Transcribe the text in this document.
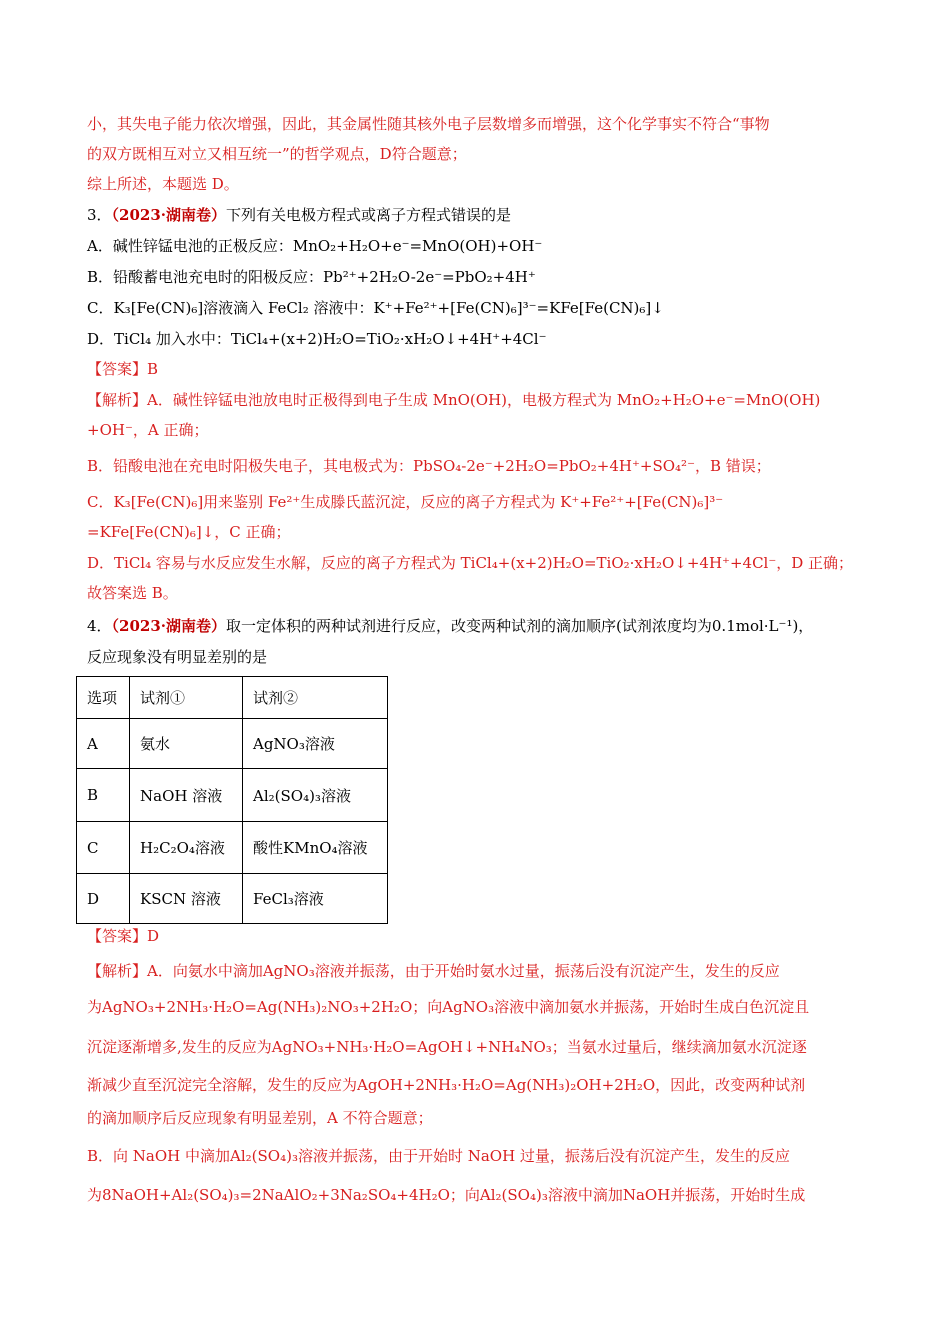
小，其失电子能力依次增强，因此，其金属性随其核外电子层数增多而增强，这个化学事实不符合“事物
的双方既相互对立又相互统一”的哲学观点，D符合题意；
综上所述，本题选 D。
3．（2023·湖南卷）下列有关电极方程式或离子方程式错误的是
A．碱性锌锰电池的正极反应：MnO₂+H₂O+e⁻=MnO(OH)+OH⁻
B．铅酸蓄电池充电时的阳极反应：Pb²⁺+2H₂O-2e⁻=PbO₂+4H⁺
C．K₃[Fe(CN)₆]溶液滴入 FeCl₂ 溶液中：K⁺+Fe²⁺+[Fe(CN)₆]³⁻=KFe[Fe(CN)₆]↓
D．TiCl₄ 加入水中：TiCl₄+(x+2)H₂O=TiO₂·xH₂O↓+4H⁺+4Cl⁻
【答案】B
【解析】A．碱性锌锰电池放电时正极得到电子生成 MnO(OH)，电极方程式为 MnO₂+H₂O+e⁻=MnO(OH)
+OH⁻，A 正确；
B．铅酸电池在充电时阳极失电子，其电极式为：PbSO₄-2e⁻+2H₂O=PbO₂+4H⁺+SO₄²⁻，B 错误；
C．K₃[Fe(CN)₆]用来鉴别 Fe²⁺生成滕氏蓝沉淀，反应的离子方程式为 K⁺+Fe²⁺+[Fe(CN)₆]³⁻
=KFe[Fe(CN)₆]↓，C 正确；
D．TiCl₄ 容易与水反应发生水解，反应的离子方程式为 TiCl₄+(x+2)H₂O=TiO₂·xH₂O↓+4H⁺+4Cl⁻，D 正确；
故答案选 B。
4．（2023·湖南卷）取一定体积的两种试剂进行反应，改变两种试剂的滴加顺序(试剂浓度均为0.1mol·L⁻¹)，
反应现象没有明显差别的是
选项	试剂①	试剂②
A	氨水	AgNO₃溶液
B	NaOH 溶液	Al₂(SO₄)₃溶液
C	H₂C₂O₄溶液	酸性KMnO₄溶液
D	KSCN 溶液	FeCl₃溶液
【答案】D
【解析】A．向氨水中滴加AgNO₃溶液并振荡，由于开始时氨水过量，振荡后没有沉淀产生，发生的反应
为AgNO₃+2NH₃·H₂O=Ag(NH₃)₂NO₃+2H₂O；向AgNO₃溶液中滴加氨水并振荡，开始时生成白色沉淀且
沉淀逐渐增多,发生的反应为AgNO₃+NH₃·H₂O=AgOH↓+NH₄NO₃；当氨水过量后，继续滴加氨水沉淀逐
渐减少直至沉淀完全溶解，发生的反应为AgOH+2NH₃·H₂O=Ag(NH₃)₂OH+2H₂O，因此，改变两种试剂
的滴加顺序后反应现象有明显差别，A 不符合题意；
B．向 NaOH 中滴加Al₂(SO₄)₃溶液并振荡，由于开始时 NaOH 过量，振荡后没有沉淀产生，发生的反应
为8NaOH+Al₂(SO₄)₃=2NaAlO₂+3Na₂SO₄+4H₂O；向Al₂(SO₄)₃溶液中滴加NaOH并振荡，开始时生成
